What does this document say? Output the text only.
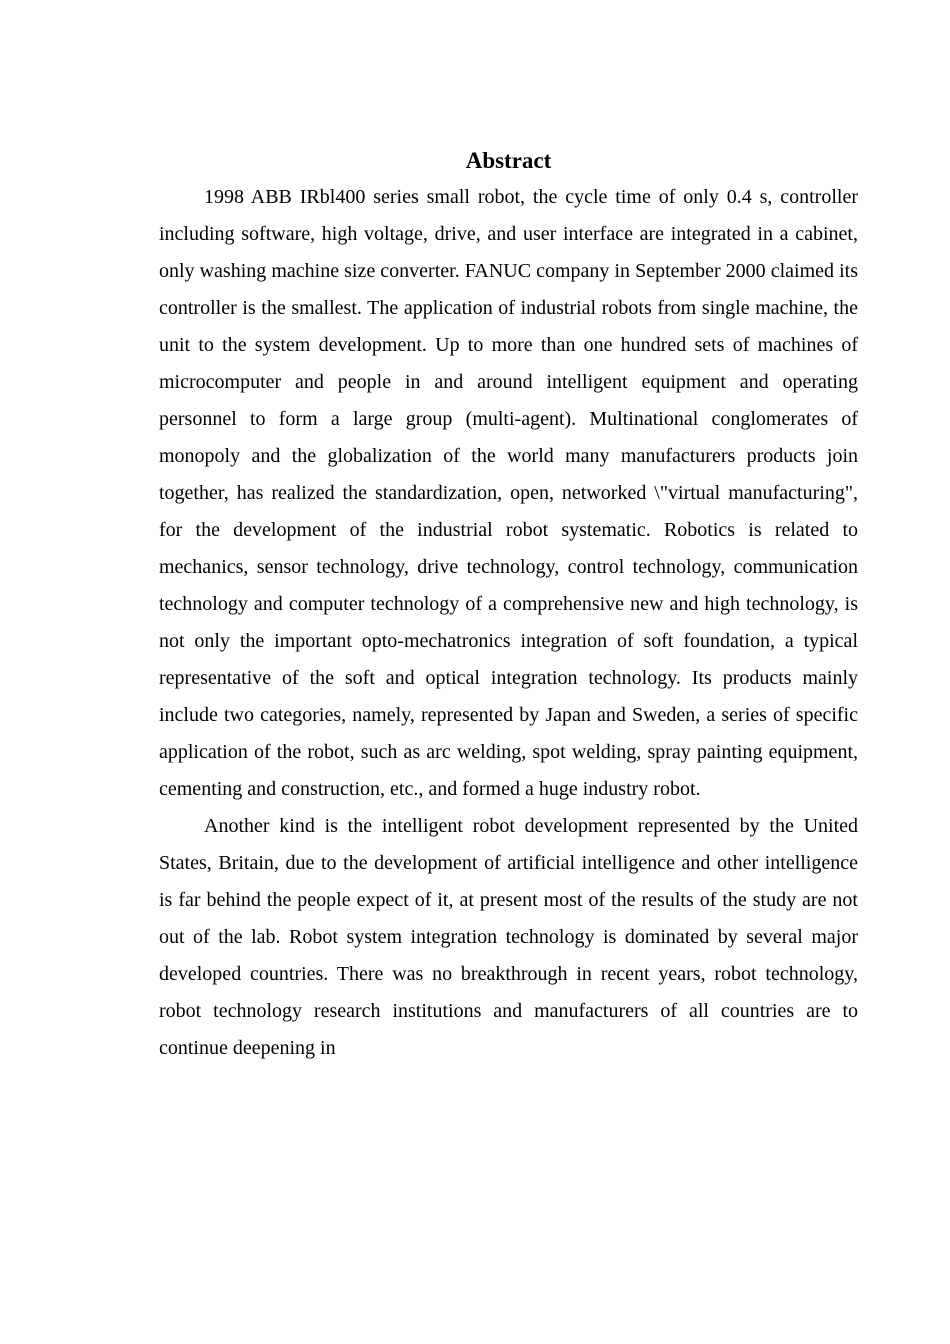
Abstract

1998 ABB IRbl400 series small robot, the cycle time of only 0.4 s, controller including software, high voltage, drive, and user interface are integrated in a cabinet, only washing machine size converter. FANUC company in September 2000 claimed its controller is the smallest. The application of industrial robots from single machine, the unit to the system development. Up to more than one hundred sets of machines of microcomputer and people in and around intelligent equipment and operating personnel to form a large group (multi-agent). Multinational conglomerates of monopoly and the globalization of the world many manufacturers products join together, has realized the standardization, open, networked \"virtual manufacturing", for the development of the industrial robot systematic. Robotics is related to mechanics, sensor technology, drive technology, control technology, communication technology and computer technology of a comprehensive new and high technology, is not only the important opto-mechatronics integration of soft foundation, a typical representative of the soft and optical integration technology. Its products mainly include two categories, namely, represented by Japan and Sweden, a series of specific application of the robot, such as arc welding, spot welding, spray painting equipment, cementing and construction, etc., and formed a huge industry robot.

Another kind is the intelligent robot development represented by the United States, Britain, due to the development of artificial intelligence and other intelligence is far behind the people expect of it, at present most of the results of the study are not out of the lab. Robot system integration technology is dominated by several major developed countries. There was no breakthrough in recent years, robot technology, robot technology research institutions and manufacturers of all countries are to continue deepening in
